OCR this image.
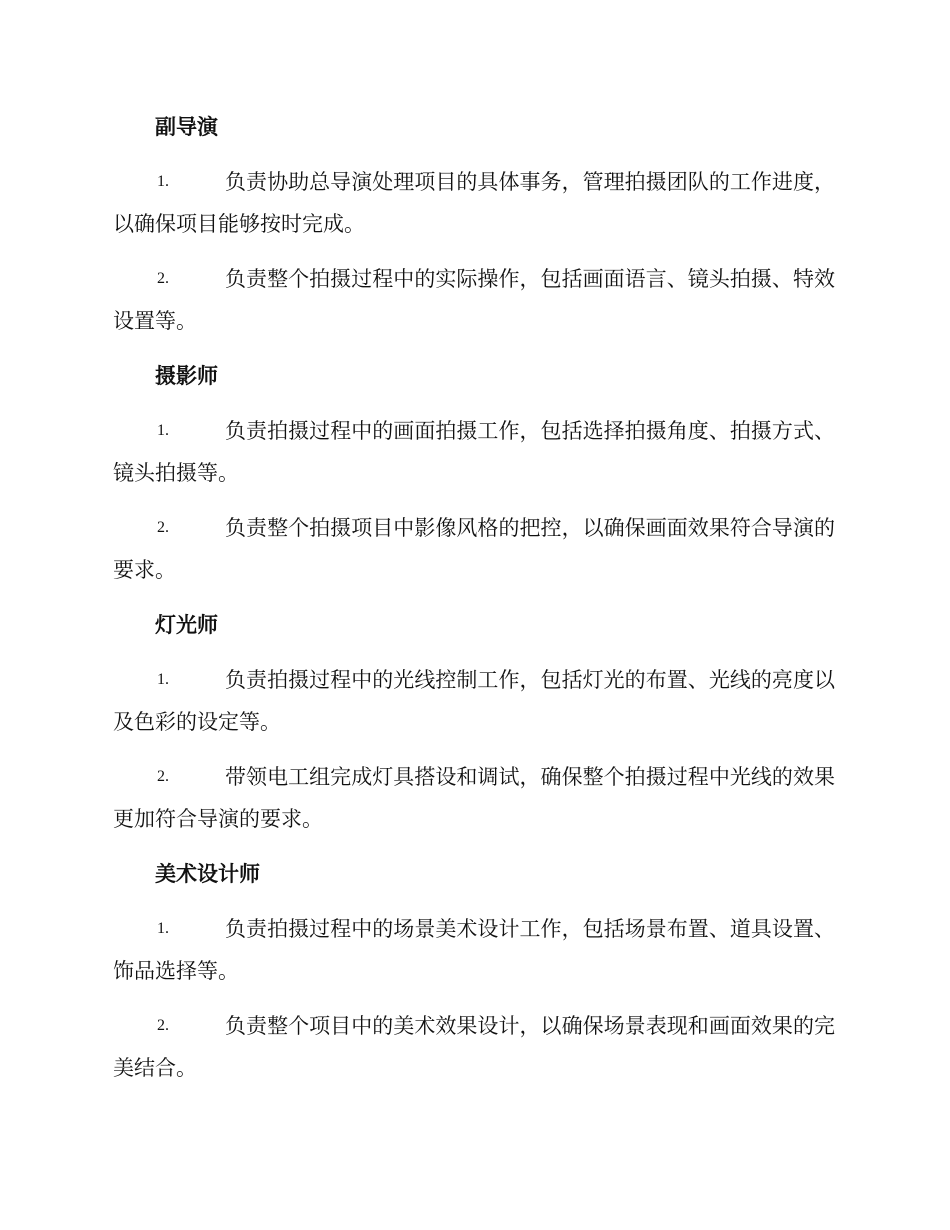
副导演
1.	负责协助总导演处理项目的具体事务，管理拍摄团队的工作进度，以确保项目能够按时完成。

2.	负责整个拍摄过程中的实际操作，包括画面语言、镜头拍摄、特效设置等。

摄影师
1.	负责拍摄过程中的画面拍摄工作，包括选择拍摄角度、拍摄方式、镜头拍摄等。

2.	负责整个拍摄项目中影像风格的把控，以确保画面效果符合导演的要求。

灯光师
1.	负责拍摄过程中的光线控制工作，包括灯光的布置、光线的亮度以及色彩的设定等。

2.	带领电工组完成灯具搭设和调试，确保整个拍摄过程中光线的效果更加符合导演的要求。

美术设计师
1.	负责拍摄过程中的场景美术设计工作，包括场景布置、道具设置、饰品选择等。

2.	负责整个项目中的美术效果设计，以确保场景表现和画面效果的完美结合。
